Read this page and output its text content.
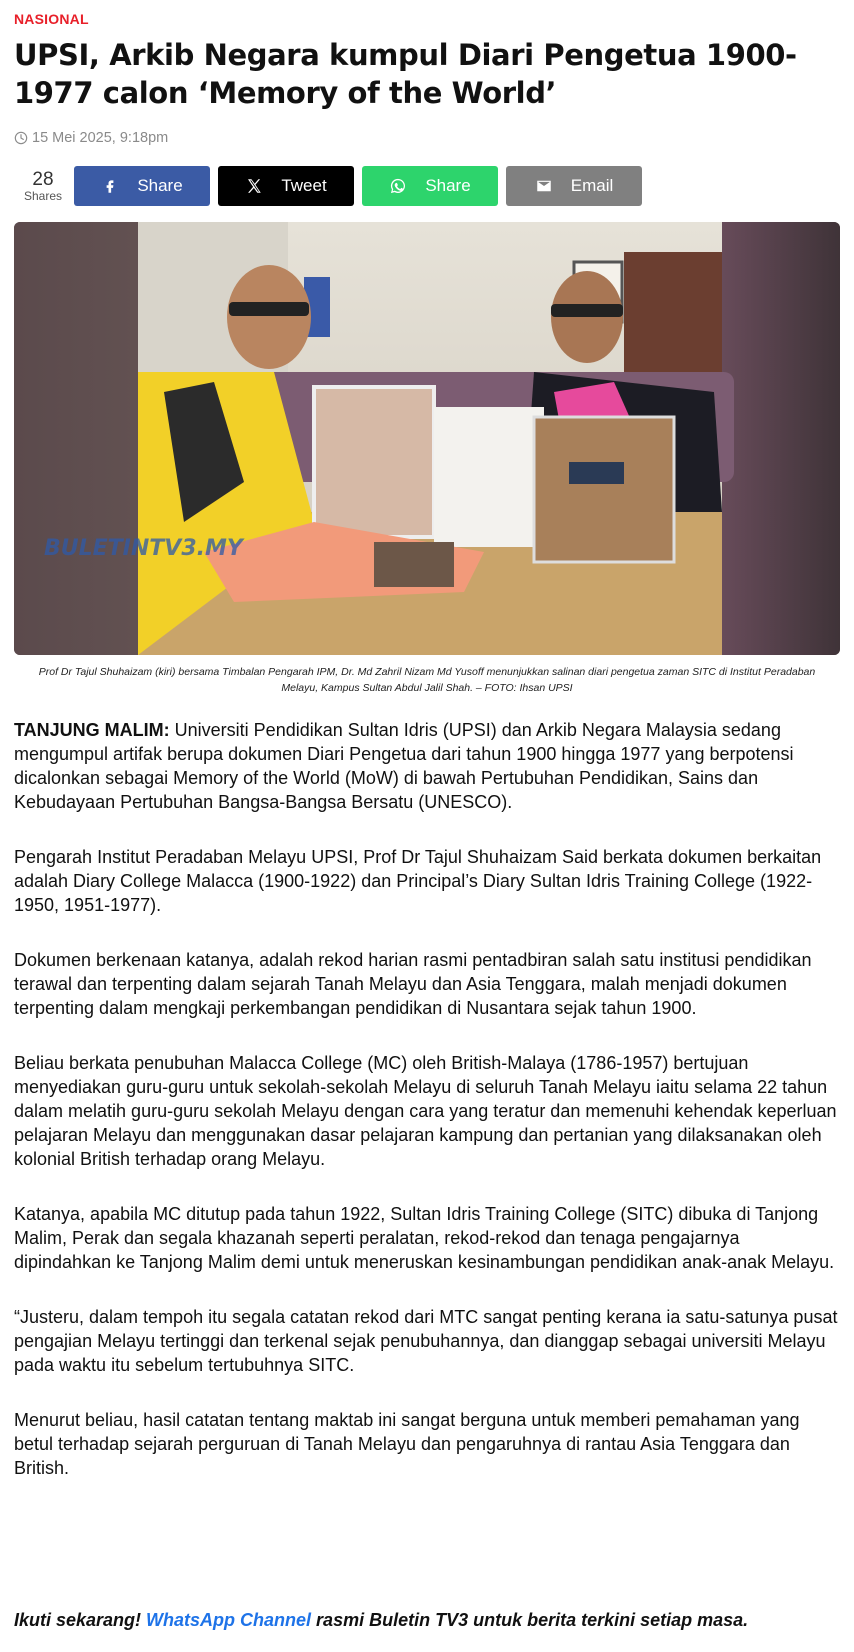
NASIONAL
UPSI, Arkib Negara kumpul Diari Pengetua 1900-1977 calon ‘Memory of the World’
15 Mei 2025, 9:18pm
28
Shares
Share	Tweet	Share	Email
BULETINTV3.MY
Prof Dr Tajul Shuhaizam (kiri) bersama Timbalan Pengarah IPM, Dr. Md Zahril Nizam Md Yusoff menunjukkan salinan diari pengetua zaman SITC di Institut Peradaban Melayu, Kampus Sultan Abdul Jalil Shah. – FOTO: Ihsan UPSI

TANJUNG MALIM: Universiti Pendidikan Sultan Idris (UPSI) dan Arkib Negara Malaysia sedang mengumpul artifak berupa dokumen Diari Pengetua dari tahun 1900 hingga 1977 yang berpotensi dicalonkan sebagai Memory of the World (MoW) di bawah Pertubuhan Pendidikan, Sains dan Kebudayaan Pertubuhan Bangsa-Bangsa Bersatu (UNESCO).

Pengarah Institut Peradaban Melayu UPSI, Prof Dr Tajul Shuhaizam Said berkata dokumen berkaitan adalah Diary College Malacca (1900-1922) dan Principal’s Diary Sultan Idris Training College (1922-1950, 1951-1977).

Dokumen berkenaan katanya, adalah rekod harian rasmi pentadbiran salah satu institusi pendidikan terawal dan terpenting dalam sejarah Tanah Melayu dan Asia Tenggara, malah menjadi dokumen terpenting dalam mengkaji perkembangan pendidikan di Nusantara sejak tahun 1900.

Beliau berkata penubuhan Malacca College (MC) oleh British-Malaya (1786-1957) bertujuan menyediakan guru-guru untuk sekolah-sekolah Melayu di seluruh Tanah Melayu iaitu selama 22 tahun dalam melatih guru-guru sekolah Melayu dengan cara yang teratur dan memenuhi kehendak keperluan pelajaran Melayu dan menggunakan dasar pelajaran kampung dan pertanian yang dilaksanakan oleh kolonial British terhadap orang Melayu.

Katanya, apabila MC ditutup pada tahun 1922, Sultan Idris Training College (SITC) dibuka di Tanjong Malim, Perak dan segala khazanah seperti peralatan, rekod-rekod dan tenaga pengajarnya dipindahkan ke Tanjong Malim demi untuk meneruskan kesinambungan pendidikan anak-anak Melayu.

“Justeru, dalam tempoh itu segala catatan rekod dari MTC sangat penting kerana ia satu-satunya pusat pengajian Melayu tertinggi dan terkenal sejak penubuhannya, dan dianggap sebagai universiti Melayu pada waktu itu sebelum tertubuhnya SITC.

Menurut beliau, hasil catatan tentang maktab ini sangat berguna untuk memberi pemahaman yang betul terhadap sejarah perguruan di Tanah Melayu dan pengaruhnya di rantau Asia Tenggara dan British.

Ikuti sekarang! WhatsApp Channel rasmi Buletin TV3 untuk berita terkini setiap masa.
